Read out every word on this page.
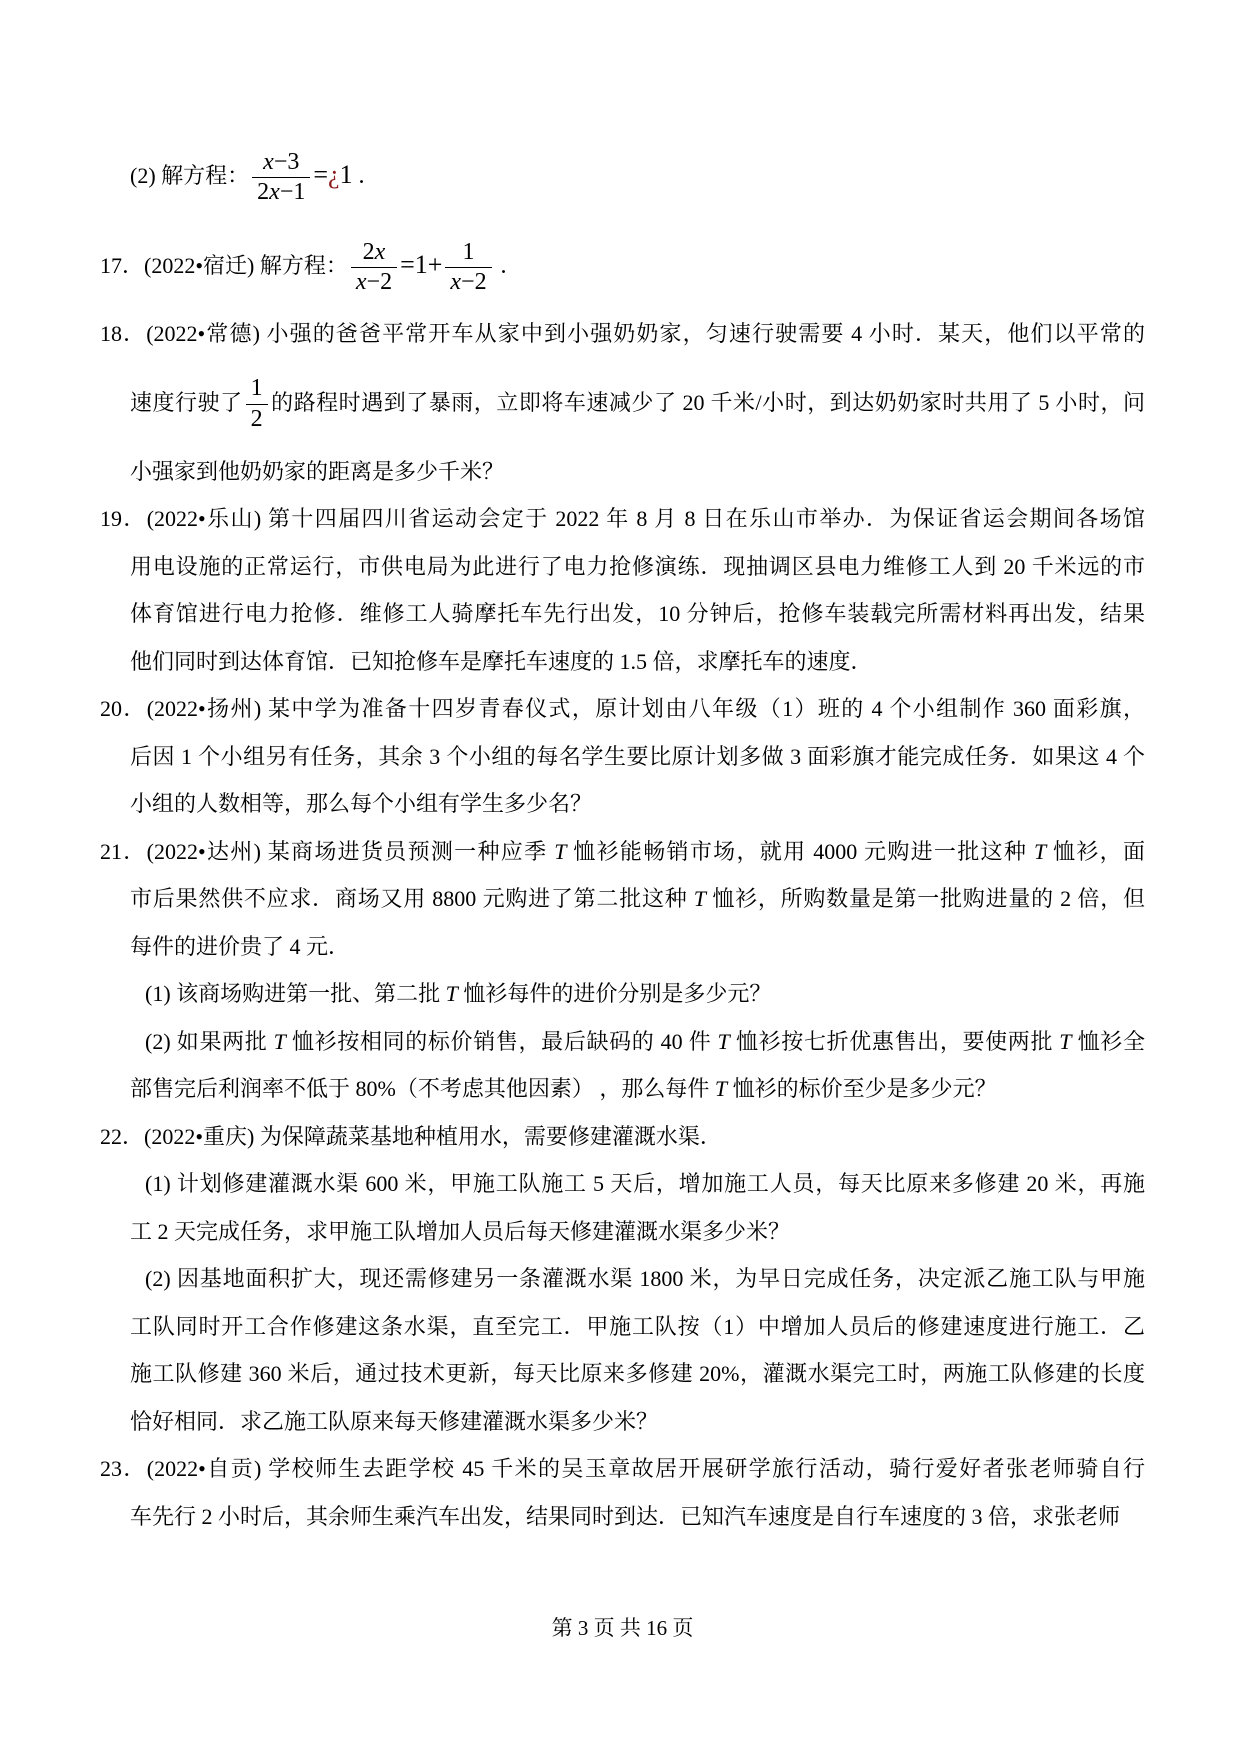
(2) 解方程： $\frac{x-3}{2x-1}$ =¿1 ．
17．(2022•宿迁) 解方程： $\frac{2x}{x-2} =1+ \frac{1}{x-2}$ ．
18．(2022•常德) 小强的爸爸平常开车从家中到小强奶奶家，匀速行驶需要 4 小时．某天，他们以平常的
速度行驶了 $\frac{1}{2}$ 的路程时遇到了暴雨，立即将车速减少了 20 千米/小时，到达奶奶家时共用了 5 小时，问
小强家到他奶奶家的距离是多少千米？
19．(2022•乐山) 第十四届四川省运动会定于 2022 年 8 月 8 日在乐山市举办．为保证省运会期间各场馆
用电设施的正常运行，市供电局为此进行了电力抢修演练．现抽调区县电力维修工人到 20 千米远的市
体育馆进行电力抢修．维修工人骑摩托车先行出发，10 分钟后，抢修车装载完所需材料再出发，结果
他们同时到达体育馆．已知抢修车是摩托车速度的 1.5 倍，求摩托车的速度．
20．(2022•扬州) 某中学为准备十四岁青春仪式，原计划由八年级（1）班的 4 个小组制作 360 面彩旗，
后因 1 个小组另有任务，其余 3 个小组的每名学生要比原计划多做 3 面彩旗才能完成任务．如果这 4 个
小组的人数相等，那么每个小组有学生多少名？
21．(2022•达州) 某商场进货员预测一种应季 T 恤衫能畅销市场，就用 4000 元购进一批这种 T 恤衫，面
市后果然供不应求．商场又用 8800 元购进了第二批这种 T 恤衫，所购数量是第一批购进量的 2 倍，但
每件的进价贵了 4 元．
(1) 该商场购进第一批、第二批 T 恤衫每件的进价分别是多少元？
(2) 如果两批 T 恤衫按相同的标价销售，最后缺码的 40 件 T 恤衫按七折优惠售出，要使两批 T 恤衫全
部售完后利润率不低于 80%（不考虑其他因素） ，那么每件 T 恤衫的标价至少是多少元？
22．(2022•重庆) 为保障蔬菜基地种植用水，需要修建灌溉水渠．
(1) 计划修建灌溉水渠 600 米，甲施工队施工 5 天后，增加施工人员，每天比原来多修建 20 米，再施
工 2 天完成任务，求甲施工队增加人员后每天修建灌溉水渠多少米？
(2) 因基地面积扩大，现还需修建另一条灌溉水渠 1800 米，为早日完成任务，决定派乙施工队与甲施
工队同时开工合作修建这条水渠，直至完工．甲施工队按（1）中增加人员后的修建速度进行施工．乙
施工队修建 360 米后，通过技术更新，每天比原来多修建 20%，灌溉水渠完工时，两施工队修建的长度
恰好相同．求乙施工队原来每天修建灌溉水渠多少米？
23．(2022•自贡) 学校师生去距学校 45 千米的吴玉章故居开展研学旅行活动，骑行爱好者张老师骑自行
车先行 2 小时后，其余师生乘汽车出发，结果同时到达．已知汽车速度是自行车速度的 3 倍，求张老师
第 3 页 共 16 页
